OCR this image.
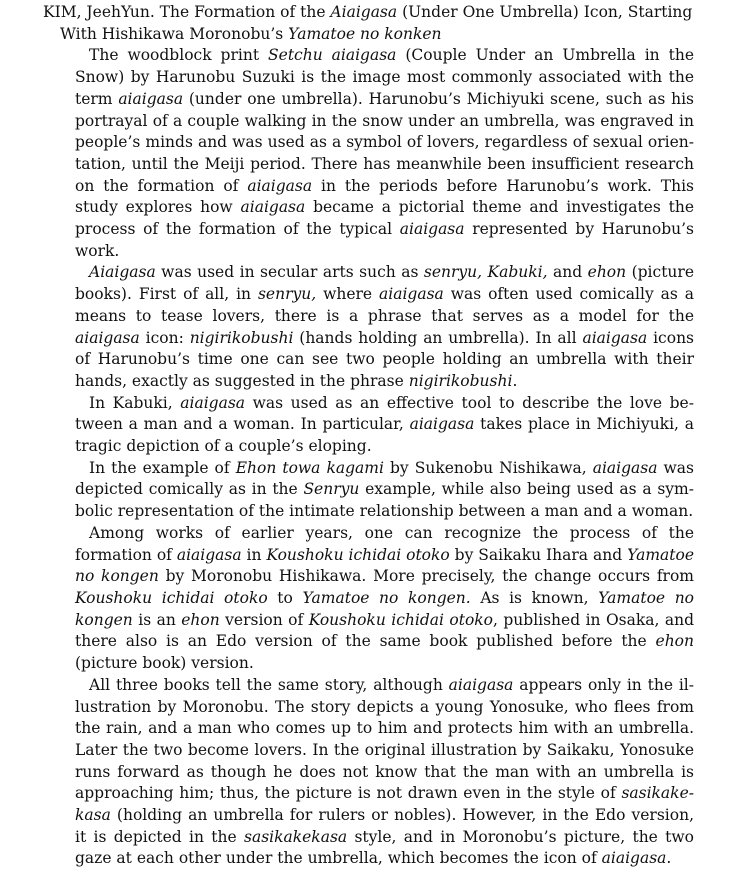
KIM, JeehYun. The Formation of the Aiaigasa (Under One Umbrella) Icon, Starting With Hishikawa Moronobu’s Yamatoe no konken

The woodblock print Setchu aiaigasa (Couple Under an Umbrella in the Snow) by Harunobu Suzuki is the image most commonly associated with the term aiaigasa (under one umbrella). Harunobu’s Michiyuki scene, such as his portrayal of a couple walking in the snow under an umbrella, was engraved in people’s minds and was used as a symbol of lovers, regardless of sexual orientation, until the Meiji period. There has meanwhile been insufficient research on the formation of aiaigasa in the periods before Harunobu’s work. This study explores how aiaigasa became a pictorial theme and investigates the process of the formation of the typical aiaigasa represented by Harunobu’s work.

Aiaigasa was used in secular arts such as senryu, Kabuki, and ehon (picture books). First of all, in senryu, where aiaigasa was often used comically as a means to tease lovers, there is a phrase that serves as a model for the aiaigasa icon: nigirikobushi (hands holding an umbrella). In all aiaigasa icons of Harunobu’s time one can see two people holding an umbrella with their hands, exactly as suggested in the phrase nigirikobushi.

In Kabuki, aiaigasa was used as an effective tool to describe the love between a man and a woman. In particular, aiaigasa takes place in Michiyuki, a tragic depiction of a couple’s eloping.

In the example of Ehon towa kagami by Sukenobu Nishikawa, aiaigasa was depicted comically as in the Senryu example, while also being used as a symbolic representation of the intimate relationship between a man and a woman.

Among works of earlier years, one can recognize the process of the formation of aiaigasa in Koushoku ichidai otoko by Saikaku Ihara and Yamatoe no kongen by Moronobu Hishikawa. More precisely, the change occurs from Koushoku ichidai otoko to Yamatoe no kongen. As is known, Yamatoe no kongen is an ehon version of Koushoku ichidai otoko, published in Osaka, and there also is an Edo version of the same book published before the ehon (picture book) version.

All three books tell the same story, although aiaigasa appears only in the illustration by Moronobu. The story depicts a young Yonosuke, who flees from the rain, and a man who comes up to him and protects him with an umbrella. Later the two become lovers. In the original illustration by Saikaku, Yonosuke runs forward as though he does not know that the man with an umbrella is approaching him; thus, the picture is not drawn even in the style of sasikakekasa (holding an umbrella for rulers or nobles). However, in the Edo version, it is depicted in the sasikakekasa style, and in Moronobu’s picture, the two gaze at each other under the umbrella, which becomes the icon of aiaigasa.
